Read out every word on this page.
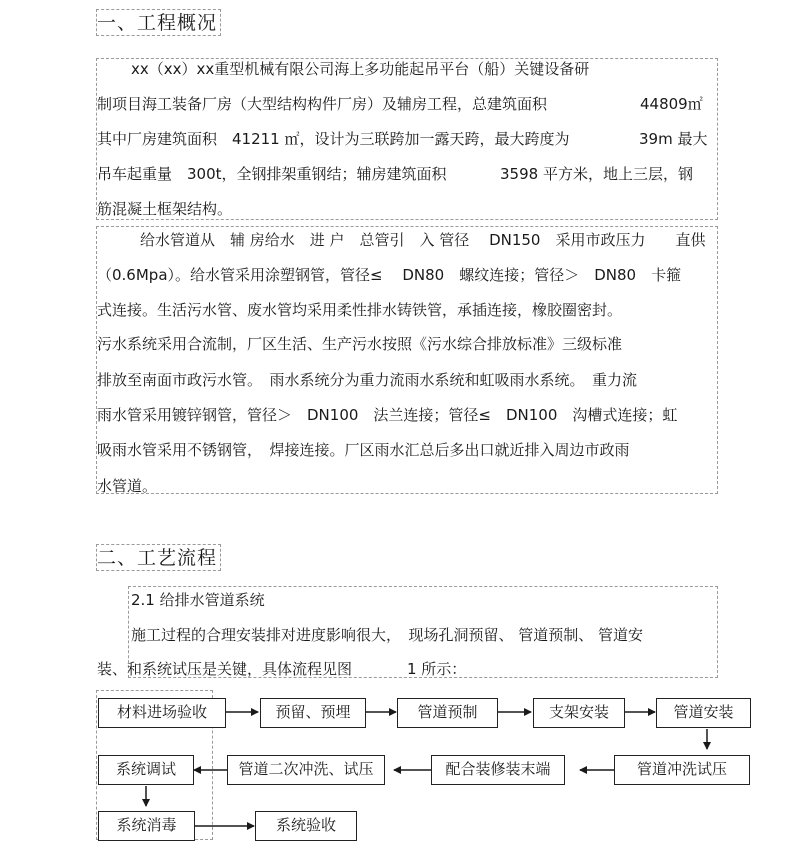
一、工程概况
xx（xx）xx重型机械有限公司海上多功能起吊平台（船）关键设备研
制项目海工装备厂房（大型结构构件厂房）及辅房工程，总建筑面积	44809㎡
其中厂房建筑面积　41211 ㎡，设计为三联跨加一露天跨，最大跨度为	39m 最大
吊车起重量　300t，全钢排架重钢结；辅房建筑面积	3598 平方米，地上三层，钢
筋混凝土框架结构。
给水管道从　辅 房给水　进 户　总管引　入 管径　 DN150　采用市政压力　　直供
（0.6Mpa）。给水管采用涂塑钢管，管径≤　 DN80　螺纹连接；管径＞　DN80　卡箍
式连接。生活污水管、废水管均采用柔性排水铸铁管，承插连接，橡胶圈密封。
污水系统采用合流制，厂区生活、生产污水按照《污水综合排放标准》三级标准
排放至南面市政污水管。　雨水系统分为重力流雨水系统和虹吸雨水系统。　重力流
雨水管采用镀锌钢管，管径＞　DN100　法兰连接；管径≤　DN100　沟槽式连接；虹
吸雨水管采用不锈钢管，　焊接连接。厂区雨水汇总后多出口就近排入周边市政雨
水管道。
二、工艺流程
2.1 给排水管道系统
施工过程的合理安装排对进度影响很大，　现场孔洞预留、 管道预制、 管道安
装、和系统试压是关键，具体流程见图	1 所示：
材料进场验收	预留、预埋	管道预制	支架安装	管道安装
管道冲洗试压
配合装修装末端
管道二次冲洗、试压
系统调试
系统消毒	系统验收
